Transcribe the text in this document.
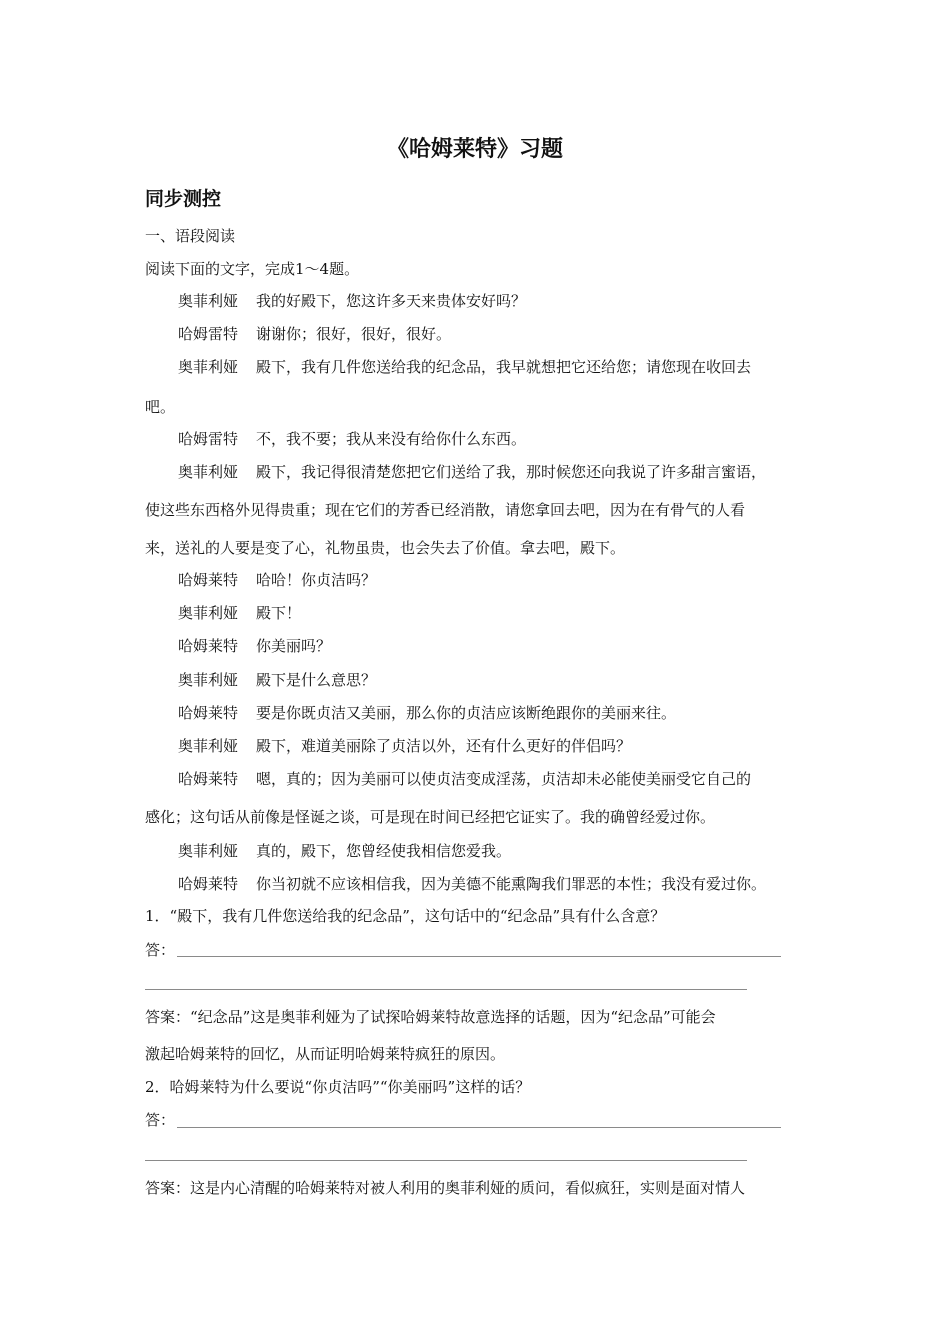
《哈姆莱特》习题
同步测控
一、语段阅读
阅读下面的文字，完成1～4题。
奥菲利娅 我的好殿下，您这许多天来贵体安好吗？
哈姆雷特 谢谢你；很好，很好，很好。
奥菲利娅 殿下，我有几件您送给我的纪念品，我早就想把它还给您；请您现在收回去
吧。
哈姆雷特 不，我不要；我从来没有给你什么东西。
奥菲利娅 殿下，我记得很清楚您把它们送给了我，那时候您还向我说了许多甜言蜜语，
使这些东西格外见得贵重；现在它们的芳香已经消散，请您拿回去吧，因为在有骨气的人看
来，送礼的人要是变了心，礼物虽贵，也会失去了价值。拿去吧，殿下。
哈姆莱特 哈哈！你贞洁吗？
奥菲利娅 殿下！
哈姆莱特 你美丽吗？
奥菲利娅 殿下是什么意思？
哈姆莱特 要是你既贞洁又美丽，那么你的贞洁应该断绝跟你的美丽来往。
奥菲利娅 殿下，难道美丽除了贞洁以外，还有什么更好的伴侣吗？
哈姆莱特 嗯，真的；因为美丽可以使贞洁变成淫荡，贞洁却未必能使美丽受它自己的
感化；这句话从前像是怪诞之谈，可是现在时间已经把它证实了。我的确曾经爱过你。
奥菲利娅 真的，殿下，您曾经使我相信您爱我。
哈姆莱特 你当初就不应该相信我，因为美德不能熏陶我们罪恶的本性；我没有爱过你。
1．“殿下，我有几件您送给我的纪念品”，这句话中的“纪念品”具有什么含意？
答：
答案：“纪念品”这是奥菲利娅为了试探哈姆莱特故意选择的话题，因为“纪念品”可能会
激起哈姆莱特的回忆，从而证明哈姆莱特疯狂的原因。
2．哈姆莱特为什么要说“你贞洁吗”“你美丽吗”这样的话？
答：
答案：这是内心清醒的哈姆莱特对被人利用的奥菲利娅的质问，看似疯狂，实则是面对情人
